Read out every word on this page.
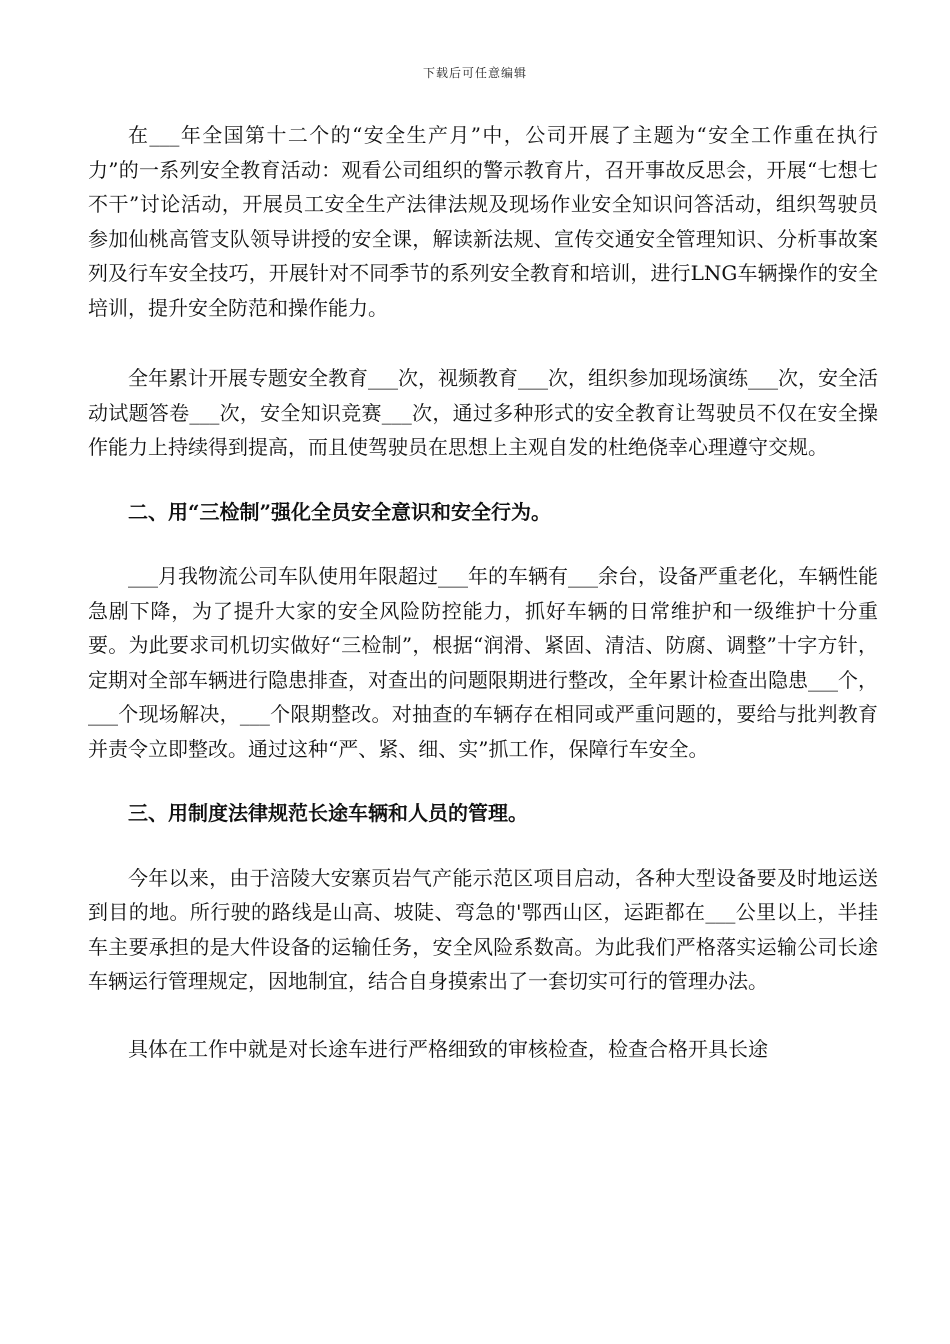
下载后可任意编辑

在___年全国第十二个的“安全生产月”中，公司开展了主题为“安全工作重在执行力”的一系列安全教育活动：观看公司组织的警示教育片，召开事故反思会，开展“七想七不干”讨论活动，开展员工安全生产法律法规及现场作业安全知识问答活动，组织驾驶员参加仙桃高管支队领导讲授的安全课，解读新法规、宣传交通安全管理知识、分析事故案列及行车安全技巧，开展针对不同季节的系列安全教育和培训，进行LNG车辆操作的安全培训，提升安全防范和操作能力。

全年累计开展专题安全教育___次，视频教育___次，组织参加现场演练___次，安全活动试题答卷___次，安全知识竞赛___次，通过多种形式的安全教育让驾驶员不仅在安全操作能力上持续得到提高，而且使驾驶员在思想上主观自发的杜绝侥幸心理遵守交规。

二、用“三检制”强化全员安全意识和安全行为。

___月我物流公司车队使用年限超过___年的车辆有___余台，设备严重老化，车辆性能急剧下降，为了提升大家的安全风险防控能力，抓好车辆的日常维护和一级维护十分重要。为此要求司机切实做好“三检制”，根据“润滑、紧固、清洁、防腐、调整”十字方针，定期对全部车辆进行隐患排查，对查出的问题限期进行整改，全年累计检查出隐患___个，___个现场解决，___个限期整改。对抽查的车辆存在相同或严重问题的，要给与批判教育并责令立即整改。通过这种“严、紧、细、实”抓工作，保障行车安全。

三、用制度法律规范长途车辆和人员的管理。

今年以来，由于涪陵大安寨页岩气产能示范区项目启动，各种大型设备要及时地运送到目的地。所行驶的路线是山高、坡陡、弯急的'鄂西山区，运距都在___公里以上，半挂车主要承担的是大件设备的运输任务，安全风险系数高。为此我们严格落实运输公司长途车辆运行管理规定，因地制宜，结合自身摸索出了一套切实可行的管理办法。

具体在工作中就是对长途车进行严格细致的审核检查，检查合格开具长途
